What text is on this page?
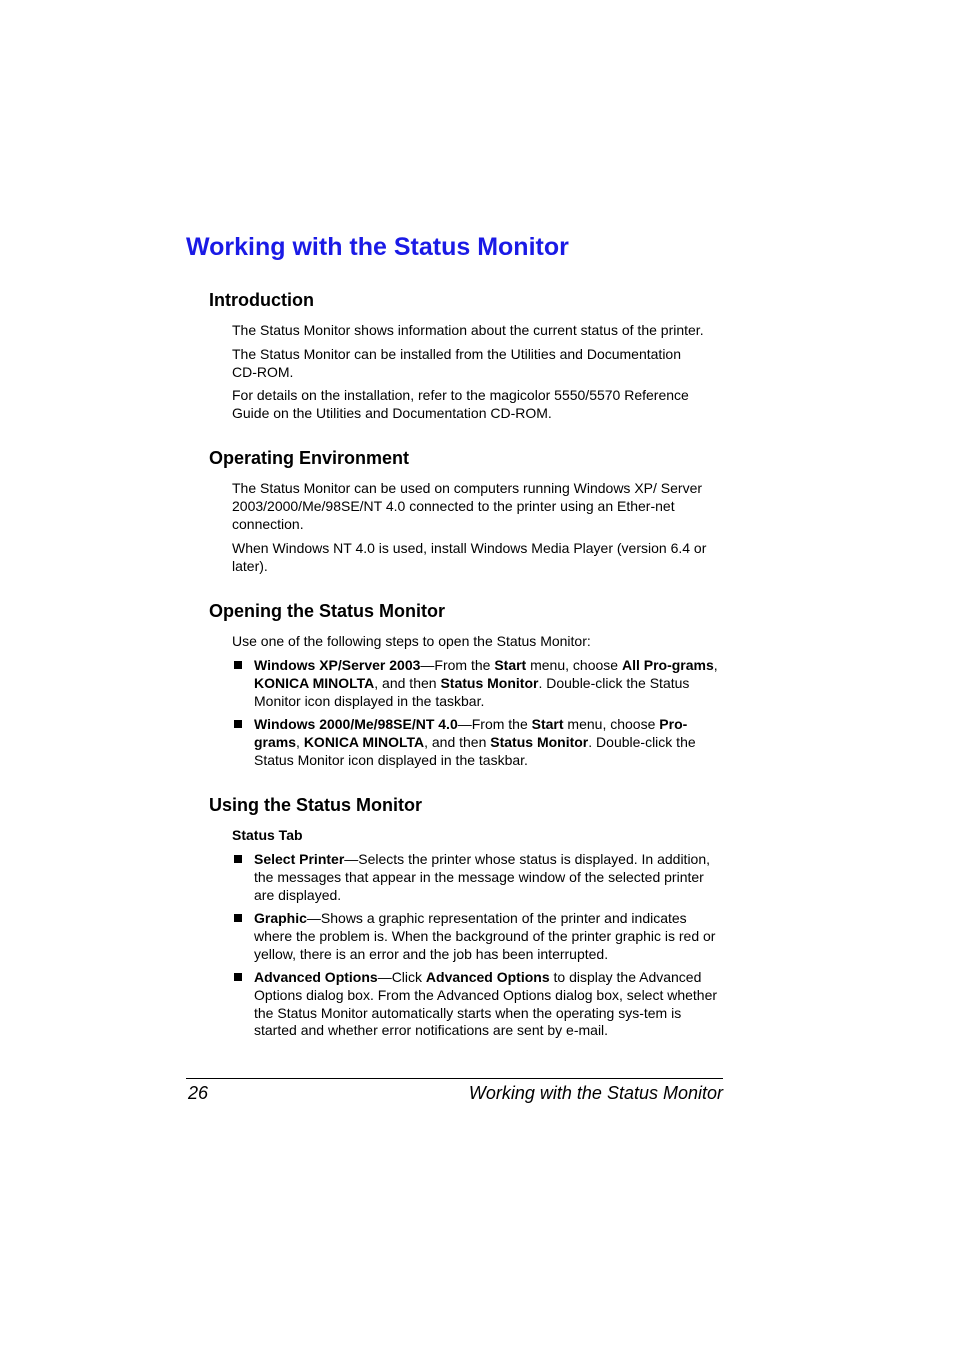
Working with the Status Monitor
Introduction

The Status Monitor shows information about the current status of the printer.

The Status Monitor can be installed from the Utilities and Documentation CD-ROM.

For details on the installation, refer to the magicolor 5550/5570 Reference Guide on the Utilities and Documentation CD-ROM.

Operating Environment

The Status Monitor can be used on computers running Windows XP/ Server 2003/2000/Me/98SE/NT 4.0 connected to the printer using an Ether-net connection.

When Windows NT 4.0 is used, install Windows Media Player (version 6.4 or later).

Opening the Status Monitor

Use one of the following steps to open the Status Monitor:

Windows XP/Server 2003—From the Start menu, choose All Pro-grams, KONICA MINOLTA, and then Status Monitor. Double-click the Status Monitor icon displayed in the taskbar.
Windows 2000/Me/98SE/NT 4.0—From the Start menu, choose Pro-grams, KONICA MINOLTA, and then Status Monitor. Double-click the Status Monitor icon displayed in the taskbar.
Using the Status Monitor
Status Tab
Select Printer—Selects the printer whose status is displayed. In addition, the messages that appear in the message window of the selected printer are displayed.
Graphic—Shows a graphic representation of the printer and indicates where the problem is. When the background of the printer graphic is red or yellow, there is an error and the job has been interrupted.
Advanced Options—Click Advanced Options to display the Advanced Options dialog box. From the Advanced Options dialog box, select whether the Status Monitor automatically starts when the operating sys-tem is started and whether error notifications are sent by e-mail.
26	Working with the Status Monitor
